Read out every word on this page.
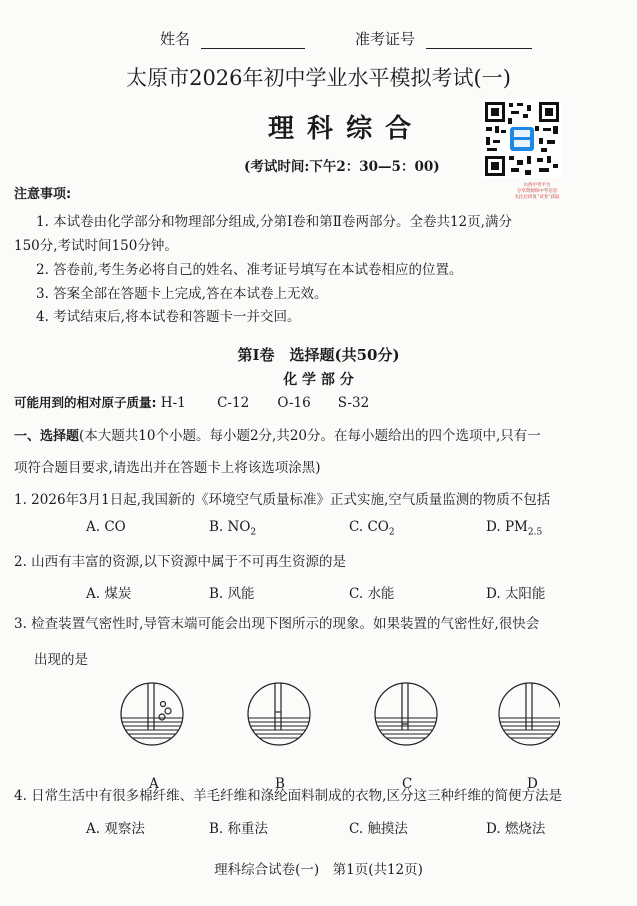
姓名	准考证号
太原市2026年初中学业水平模拟考试(一)
理 科 综 合
(考试时间:下午2：30—5：00)
山西中考平台
分享资源和中考信息
关注后回复“试卷”获取
注意事项:
1. 本试卷由化学部分和物理部分组成,分第Ⅰ卷和第Ⅱ卷两部分。全卷共12页,满分
150分,考试时间150分钟。
2. 答卷前,考生务必将自己的姓名、准考证号填写在本试卷相应的位置。
3. 答案全部在答题卡上完成,答在本试卷上无效。
4. 考试结束后,将本试卷和答题卡一并交回。
第Ⅰ卷　选择题(共50分)
化 学 部 分
可能用到的相对原子质量: H-1 C-12 O-16 S-32
一、选择题(本大题共10个小题。每小题2分,共20分。在每小题给出的四个选项中,只有一
项符合题目要求,请选出并在答题卡上将该选项涂黑)
1. 2026年3月1日起,我国新的《环境空气质量标准》正式实施,空气质量监测的物质不包括
A. CO	B. $NO_2$	C. $CO_2$	D. $PM_{2.5}$
2. 山西有丰富的资源,以下资源中属于不可再生资源的是
A. 煤炭	B. 风能	C. 水能	D. 太阳能
3. 检查装置气密性时,导管末端可能会出现下图所示的现象。如果装置的气密性好,很快会
出现的是
A	B	C	D
4. 日常生活中有很多棉纤维、羊毛纤维和涤纶面料制成的衣物,区分这三种纤维的简便方法是
A. 观察法	B. 称重法	C. 触摸法	D. 燃烧法
理科综合试卷(一)　第1页(共12页)
